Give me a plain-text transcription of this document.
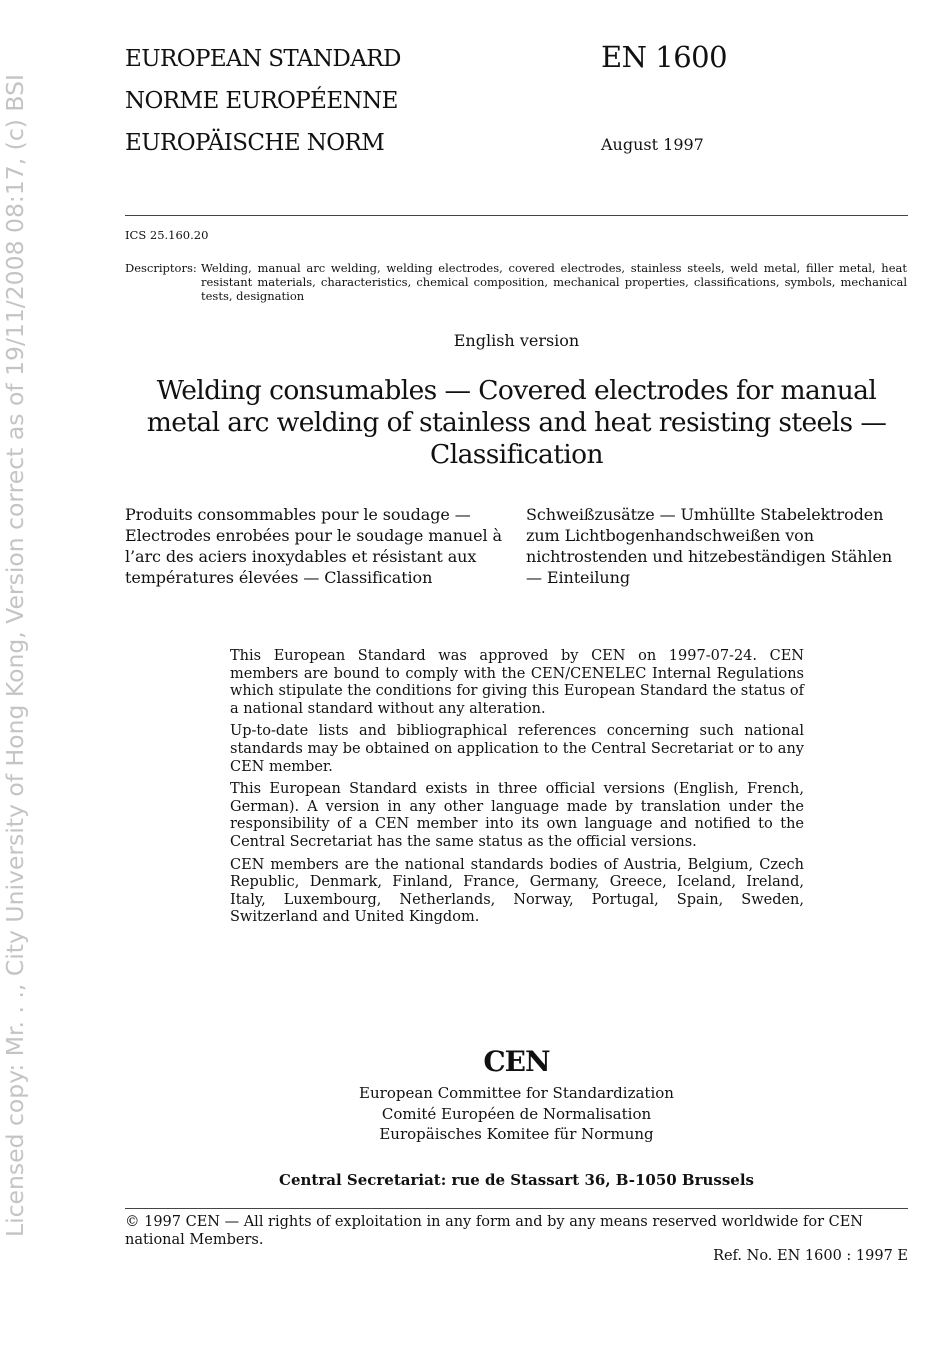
Licensed copy: Mr. . ., City University of Hong Kong, Version correct as of 19/11/2008 08:17, (c) BSI
EUROPEAN STANDARD
NORME EUROPÉENNE
EUROPÄISCHE NORM
EN 1600
August 1997
ICS 25.160.20
Descriptors: Welding, manual arc welding, welding electrodes, covered electrodes, stainless steels, weld metal, filler metal, heat resistant materials, characteristics, chemical composition, mechanical properties, classifications, symbols, mechanical tests, designation
English version
Welding consumables — Covered electrodes for manual metal arc welding of stainless and heat resisting steels — Classification
Produits consommables pour le soudage — Electrodes enrobées pour le soudage manuel à l’arc des aciers inoxydables et résistant aux températures élevées — Classification
Schweißzusätze — Umhüllte Stabelektroden zum Lichtbogenhandschweißen von nichtrostenden und hitzebeständigen Stählen — Einteilung

This European Standard was approved by CEN on 1997-07-24. CEN members are bound to comply with the CEN/CENELEC Internal Regulations which stipulate the conditions for giving this European Standard the status of a national standard without any alteration.

Up-to-date lists and bibliographical references concerning such national standards may be obtained on application to the Central Secretariat or to any CEN member.

This European Standard exists in three official versions (English, French, German). A version in any other language made by translation under the responsibility of a CEN member into its own language and notified to the Central Secretariat has the same status as the official versions.

CEN members are the national standards bodies of Austria, Belgium, Czech Republic, Denmark, Finland, France, Germany, Greece, Iceland, Ireland, Italy, Luxembourg, Netherlands, Norway, Portugal, Spain, Sweden, Switzerland and United Kingdom.

CEN
European Committee for Standardization
Comité Européen de Normalisation
Europäisches Komitee für Normung
Central Secretariat: rue de Stassart 36, B-1050 Brussels
© 1997 CEN — All rights of exploitation in any form and by any means reserved worldwide for CEN national Members.
Ref. No. EN 1600 : 1997 E
